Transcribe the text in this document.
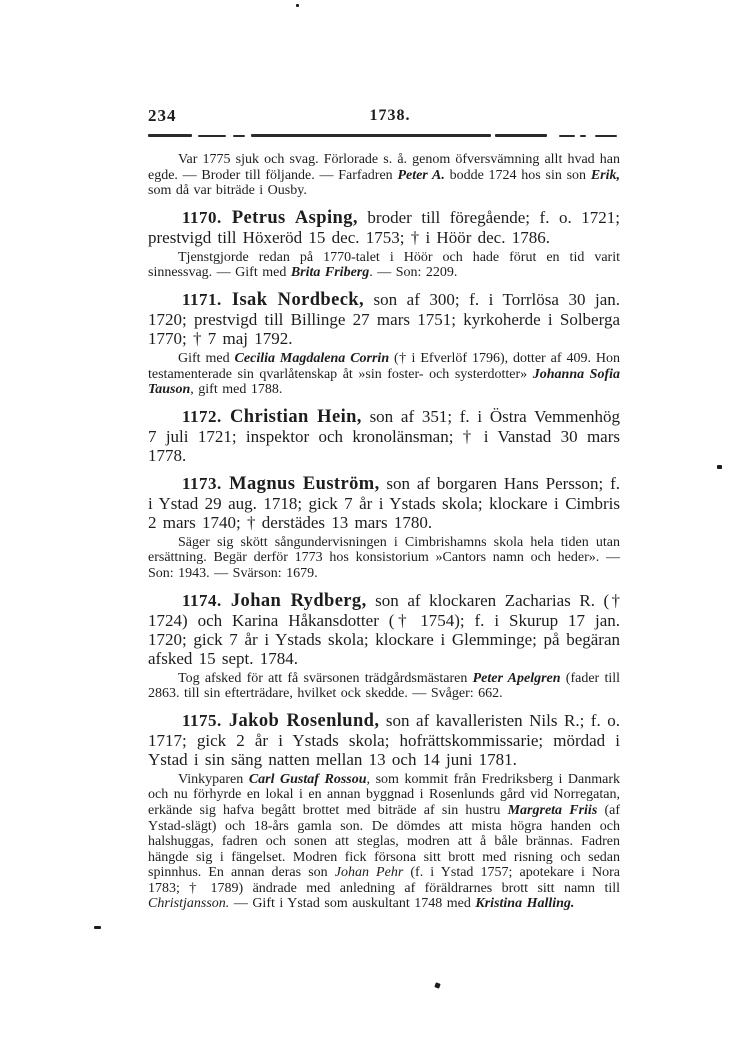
234	1738.

Var 1775 sjuk och svag. Förlorade s. å. genom öfversvämning allt hvad han egde. — Broder till följande. — Farfadren Peter A. bodde 1724 hos sin son Erik, som då var biträde i Ousby.

1170. Petrus Asping, broder till föregående; f. o. 1721; prestvigd till Höxeröd 15 dec. 1753; † i Höör dec. 1786.

Tjenstgjorde redan på 1770-talet i Höör och hade förut en tid varit sinnessvag. — Gift med Brita Friberg. — Son: 2209.

1171. Isak Nordbeck, son af 300; f. i Torrlösa 30 jan. 1720; prestvigd till Billinge 27 mars 1751; kyrkoherde i Solberga 1770; † 7 maj 1792.

Gift med Cecilia Magdalena Corrin († i Efverlöf 1796), dotter af 409. Hon testamenterade sin qvarlåtenskap åt »sin foster- och systerdotter» Johanna Sofia Tauson, gift med 1788.

1172. Christian Hein, son af 351; f. i Östra Vemmenhög 7 juli 1721; inspektor och kronolänsman; † i Vanstad 30 mars 1778.

1173. Magnus Euström, son af borgaren Hans Persson; f. i Ystad 29 aug. 1718; gick 7 år i Ystads skola; klockare i Cimbris 2 mars 1740; † derstädes 13 mars 1780.

Säger sig skött sångundervisningen i Cimbrishamns skola hela tiden utan ersättning. Begär derför 1773 hos konsistorium »Cantors namn och heder». — Son: 1943. — Svärson: 1679.

1174. Johan Rydberg, son af klockaren Zacharias R. († 1724) och Karina Håkansdotter († 1754); f. i Skurup 17 jan. 1720; gick 7 år i Ystads skola; klockare i Glemminge; på begäran afsked 15 sept. 1784.

Tog afsked för att få svärsonen trädgårdsmästaren Peter Apelgren (fader till 2863. till sin efterträdare, hvilket ock skedde. — Svåger: 662.

1175. Jakob Rosenlund, son af kavalleristen Nils R.; f. o. 1717; gick 2 år i Ystads skola; hofrättskommissarie; mördad i Ystad i sin säng natten mellan 13 och 14 juni 1781.

Vinkyparen Carl Gustaf Rossou, som kommit från Fredriksberg i Danmark och nu förhyrde en lokal i en annan byggnad i Rosenlunds gård vid Norregatan, erkände sig hafva begått brottet med biträde af sin hustru Margreta Friis (af Ystad-slägt) och 18-års gamla son. De dömdes att mista högra handen och halshuggas, fadren och sonen att steglas, modren att å båle brännas. Fadren hängde sig i fängelset. Modren fick försona sitt brott med risning och sedan spinnhus. En annan deras son Johan Pehr (f. i Ystad 1757; apotekare i Nora 1783; † 1789) ändrade med anledning af föräldrarnes brott sitt namn till Christjansson. — Gift i Ystad som auskultant 1748 med Kristina Halling.
